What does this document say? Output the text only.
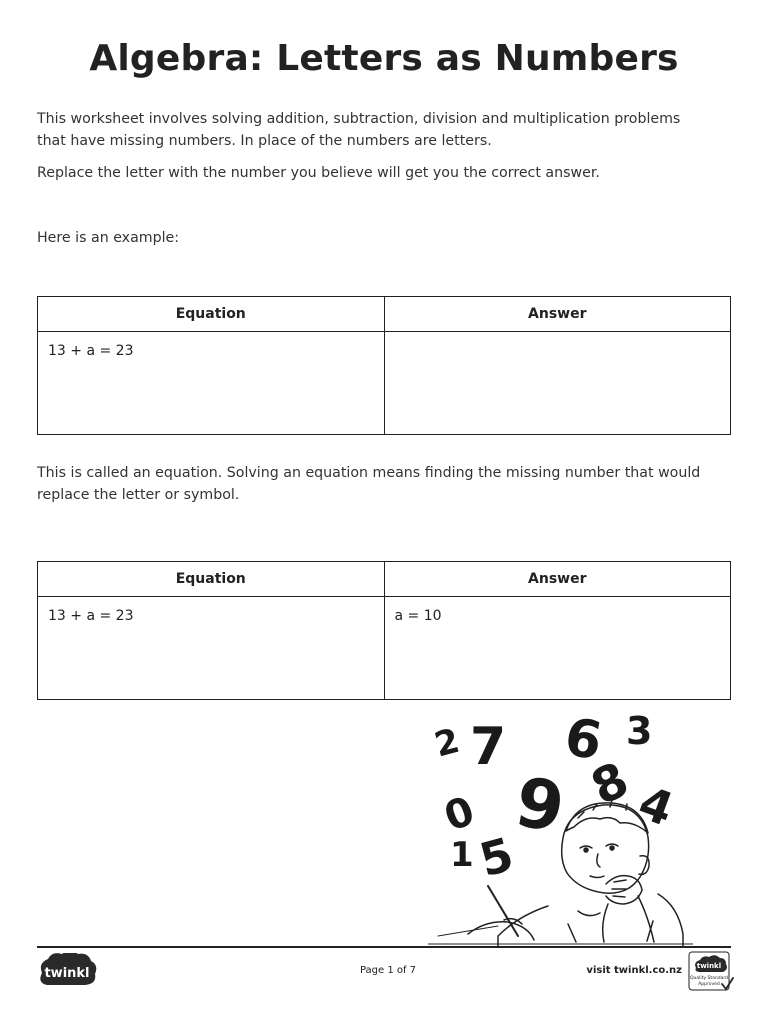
Algebra: Letters as Numbers
This worksheet involves solving addition, subtraction, division and multiplication problems
that have missing numbers. In place of the numbers are letters.
Replace the letter with the number you believe will get you the correct answer.
Here is an example:
Equation	Answer
13 + a = 23	
This is called an equation. Solving an equation means finding the missing number that would
replace the letter or symbol.
Equation	Answer
13 + a = 23	a = 10
2 7 6 3
8
4
0 9
1 5
twinkl	Page 1 of 7	visit twinkl.co.nz twinkl
Quality Standard
Approved
